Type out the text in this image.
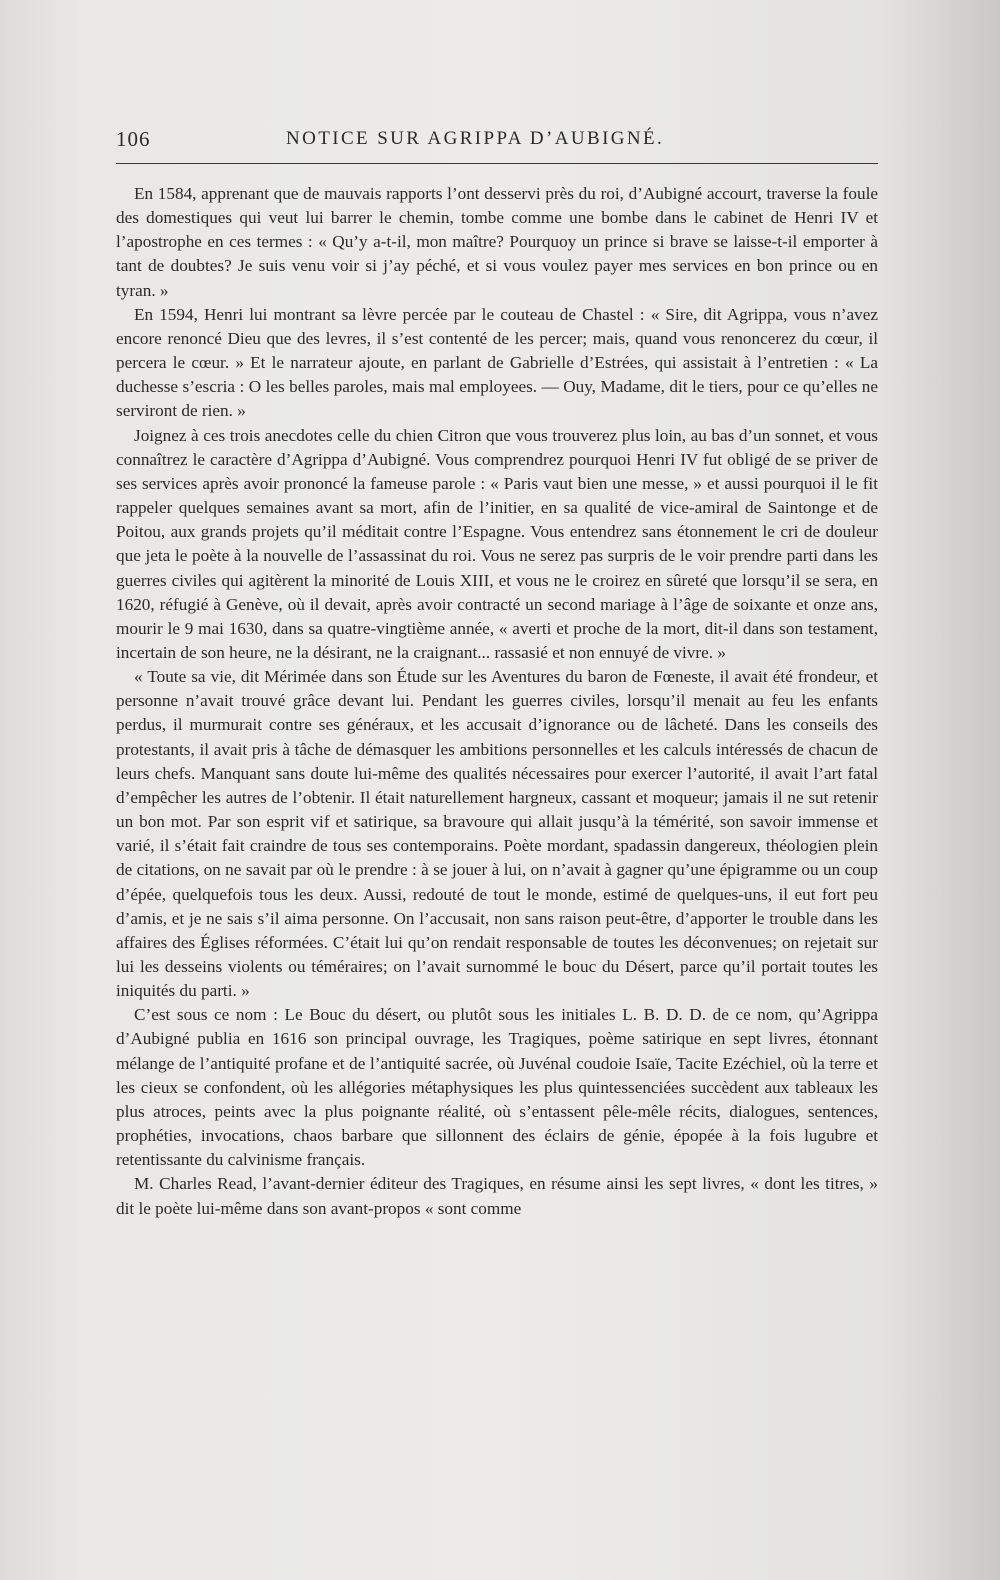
106	NOTICE SUR AGRIPPA D’AUBIGNÉ.

En 1584, apprenant que de mauvais rapports l’ont desservi près du roi, d’Aubigné accourt, traverse la foule des domestiques qui veut lui barrer le chemin, tombe comme une bombe dans le cabinet de Henri IV et l’apostrophe en ces termes : « Qu’y a-t-il, mon maître? Pourquoy un prince si brave se laisse-t-il emporter à tant de doubtes? Je suis venu voir si j’ay péché, et si vous voulez payer mes services en bon prince ou en tyran. »

En 1594, Henri lui montrant sa lèvre percée par le couteau de Chastel : « Sire, dit Agrippa, vous n’avez encore renoncé Dieu que des levres, il s’est contenté de les percer; mais, quand vous renoncerez du cœur, il percera le cœur. » Et le narrateur ajoute, en parlant de Gabrielle d’Estrées, qui assistait à l’entretien : « La duchesse s’escria : O les belles paroles, mais mal employees. — Ouy, Madame, dit le tiers, pour ce qu’elles ne serviront de rien. »

Joignez à ces trois anecdotes celle du chien Citron que vous trouverez plus loin, au bas d’un sonnet, et vous connaîtrez le caractère d’Agrippa d’Aubigné. Vous comprendrez pourquoi Henri IV fut obligé de se priver de ses services après avoir prononcé la fameuse parole : « Paris vaut bien une messe, » et aussi pourquoi il le fit rappeler quelques semaines avant sa mort, afin de l’initier, en sa qualité de vice-amiral de Saintonge et de Poitou, aux grands projets qu’il méditait contre l’Espagne. Vous entendrez sans étonnement le cri de douleur que jeta le poète à la nouvelle de l’assassinat du roi. Vous ne serez pas surpris de le voir prendre parti dans les guerres civiles qui agitèrent la minorité de Louis XIII, et vous ne le croirez en sûreté que lorsqu’il se sera, en 1620, réfugié à Genève, où il devait, après avoir contracté un second mariage à l’âge de soixante et onze ans, mourir le 9 mai 1630, dans sa quatre-vingtième année, « averti et proche de la mort, dit-il dans son testament, incertain de son heure, ne la désirant, ne la craignant... rassasié et non ennuyé de vivre. »

« Toute sa vie, dit Mérimée dans son Étude sur les Aventures du baron de Fœneste, il avait été frondeur, et personne n’avait trouvé grâce devant lui. Pendant les guerres civiles, lorsqu’il menait au feu les enfants perdus, il murmurait contre ses généraux, et les accusait d’ignorance ou de lâcheté. Dans les conseils des protestants, il avait pris à tâche de démasquer les ambitions personnelles et les calculs intéressés de chacun de leurs chefs. Manquant sans doute lui-même des qualités nécessaires pour exercer l’autorité, il avait l’art fatal d’empêcher les autres de l’obtenir. Il était naturellement hargneux, cassant et moqueur; jamais il ne sut retenir un bon mot. Par son esprit vif et satirique, sa bravoure qui allait jusqu’à la témérité, son savoir immense et varié, il s’était fait craindre de tous ses contemporains. Poète mordant, spadassin dangereux, théologien plein de citations, on ne savait par où le prendre : à se jouer à lui, on n’avait à gagner qu’une épigramme ou un coup d’épée, quelquefois tous les deux. Aussi, redouté de tout le monde, estimé de quelques-uns, il eut fort peu d’amis, et je ne sais s’il aima personne. On l’accusait, non sans raison peut-être, d’apporter le trouble dans les affaires des Églises réformées. C’était lui qu’on rendait responsable de toutes les déconvenues; on rejetait sur lui les desseins violents ou téméraires; on l’avait surnommé le bouc du Désert, parce qu’il portait toutes les iniquités du parti. »

C’est sous ce nom : Le Bouc du désert, ou plutôt sous les initiales L. B. D. D. de ce nom, qu’Agrippa d’Aubigné publia en 1616 son principal ouvrage, les Tragiques, poème satirique en sept livres, étonnant mélange de l’antiquité profane et de l’antiquité sacrée, où Juvénal coudoie Isaïe, Tacite Ezéchiel, où la terre et les cieux se confondent, où les allégories métaphysiques les plus quintessenciées succèdent aux tableaux les plus atroces, peints avec la plus poignante réalité, où s’entassent pêle-mêle récits, dialogues, sentences, prophéties, invocations, chaos barbare que sillonnent des éclairs de génie, épopée à la fois lugubre et retentissante du calvinisme français.

M. Charles Read, l’avant-dernier éditeur des Tragiques, en résume ainsi les sept livres, « dont les titres, » dit le poète lui-même dans son avant-propos « sont comme
